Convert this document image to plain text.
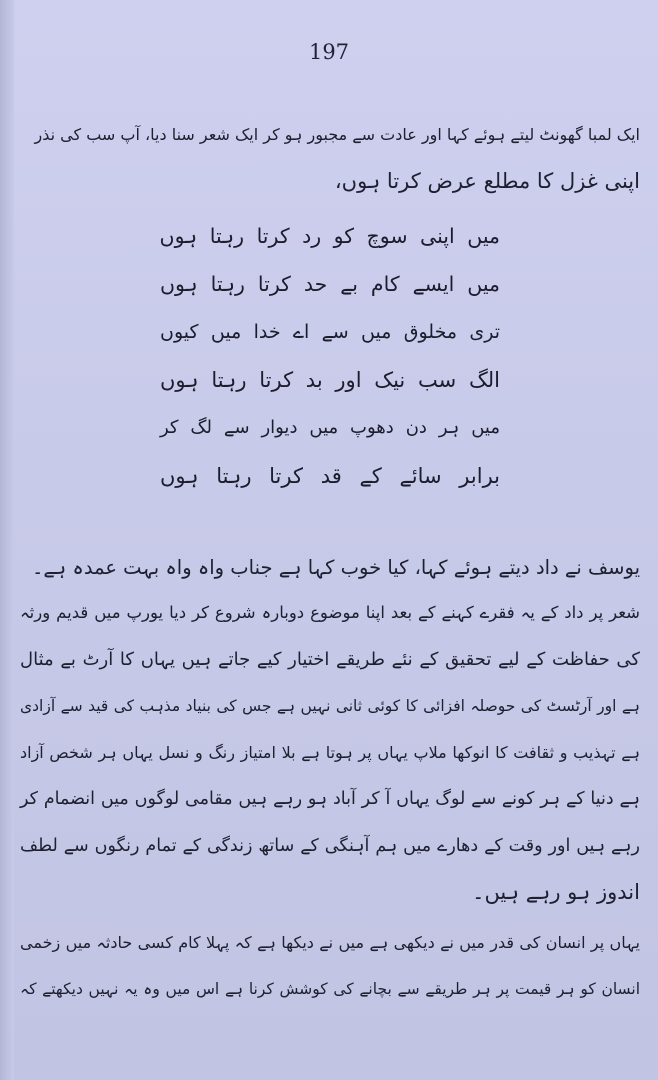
197
ایک لمبا گھونٹ لیتے ہوئے کہا اور عادت سے مجبور ہو کر ایک شعر سنا دیا، آپ سب کی نذر
اپنی غزل کا مطلع عرض کرتا ہوں،
میں اپنی سوچ کو رد کرتا رہتا ہوں
میں ایسے کام بے حد کرتا رہتا ہوں
تری مخلوق میں سے اے خدا میں کیوں
الگ سب نیک اور بد کرتا رہتا ہوں
میں ہر دن دھوپ میں دیوار سے لگ کر
برابر سائے کے قد کرتا رہتا ہوں
یوسف نے داد دیتے ہوئے کہا، کیا خوب کہا ہے جناب واہ واہ بہت عمدہ ہے۔
شعر پر داد کے یہ فقرے کہنے کے بعد اپنا موضوع دوبارہ شروع کر دیا یورپ میں قدیم ورثہ
کی حفاظت کے لیے تحقیق کے نئے طریقے اختیار کیے جاتے ہیں یہاں کا آرٹ بے مثال
ہے اور آرٹسٹ کی حوصلہ افزائی کا کوئی ثانی نہیں ہے جس کی بنیاد مذہب کی قید سے آزادی
ہے تہذیب و ثقافت کا انوکھا ملاپ یہاں پر ہوتا ہے بلا امتیاز رنگ و نسل یہاں ہر شخص آزاد
ہے دنیا کے ہر کونے سے لوگ یہاں آ کر آباد ہو رہے ہیں مقامی لوگوں میں انضمام کر
رہے ہیں اور وقت کے دھارے میں ہم آہنگی کے ساتھ زندگی کے تمام رنگوں سے لطف
اندوز ہو رہے ہیں۔
یہاں پر انسان کی قدر میں نے دیکھی ہے میں نے دیکھا ہے کہ پہلا کام کسی حادثہ میں زخمی
انسان کو ہر قیمت پر ہر طریقے سے بچانے کی کوشش کرنا ہے اس میں وہ یہ نہیں دیکھتے کہ
